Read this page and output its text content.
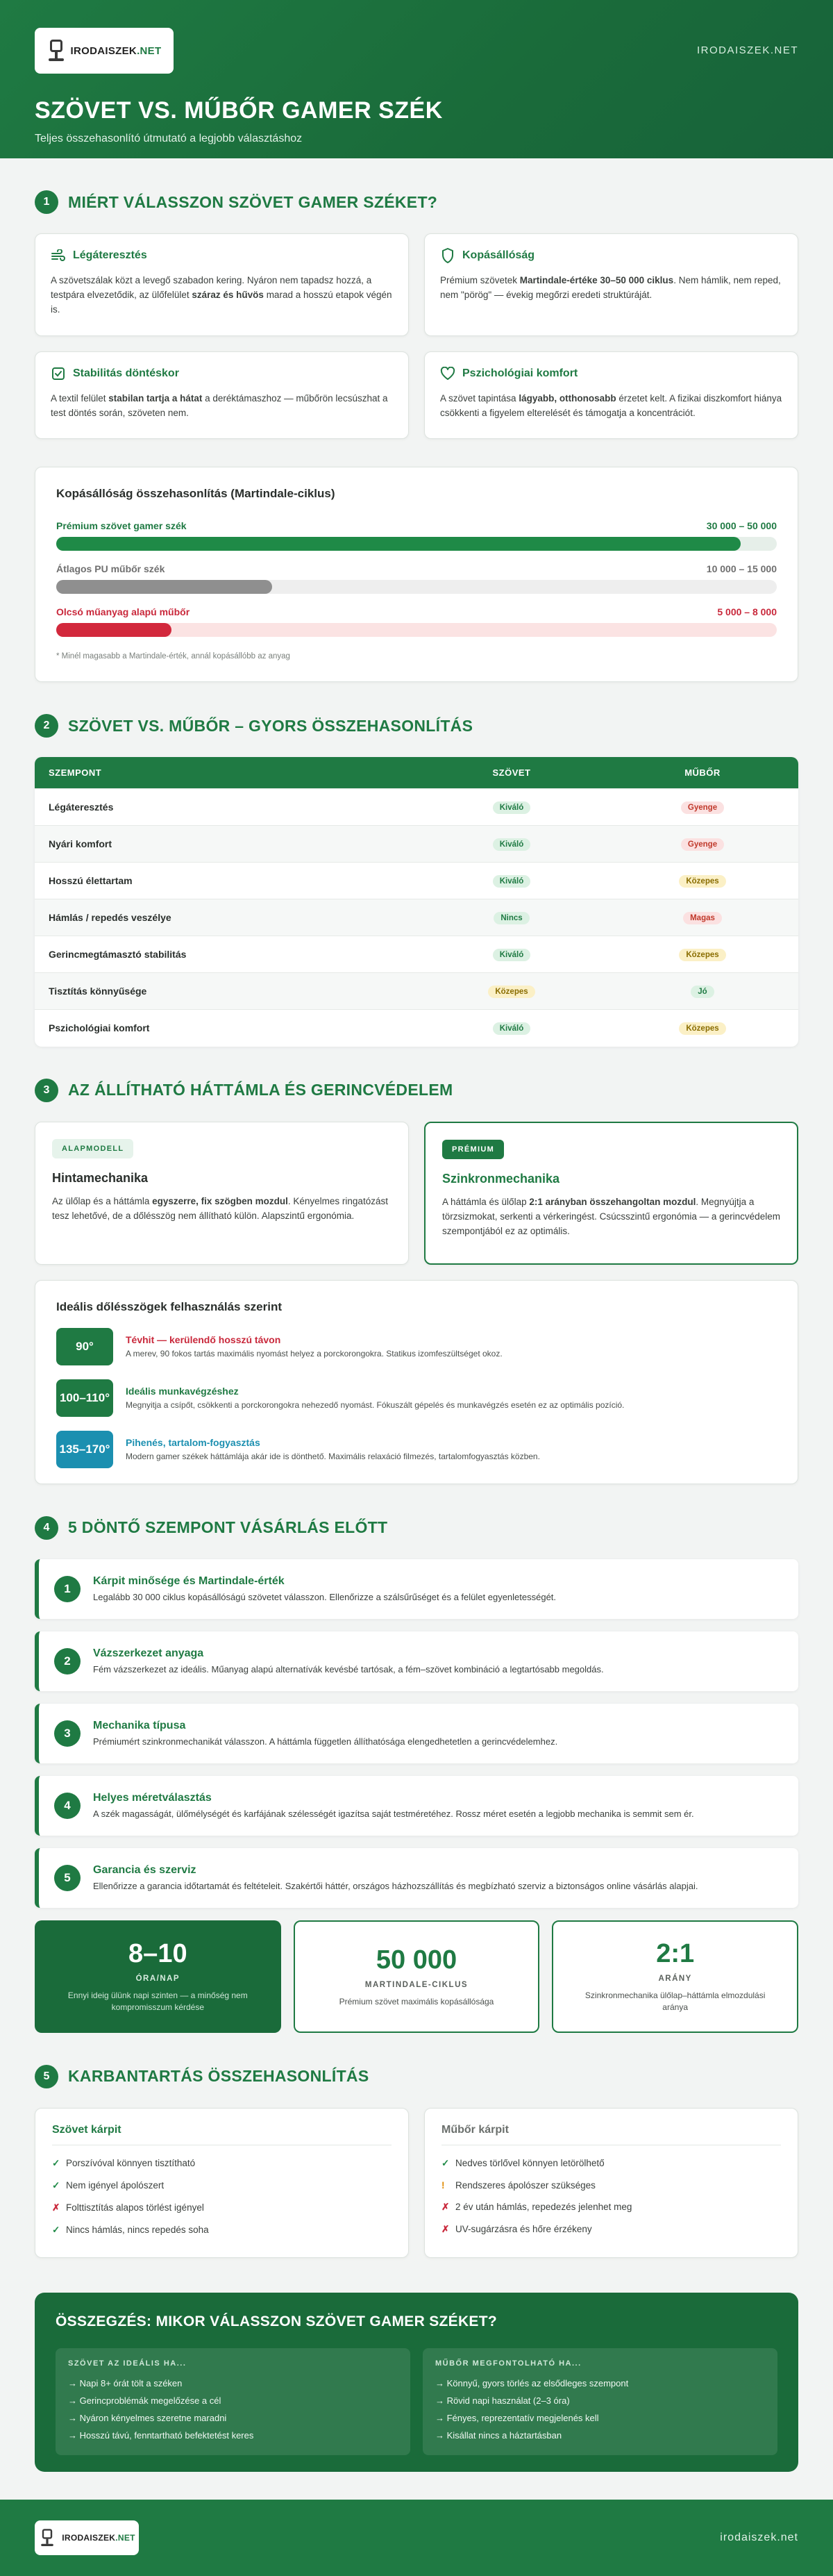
IRODAISZEK.NET	IRODAISZEK.NET
SZÖVET VS. MŰBŐR GAMER SZÉK
Teljes összehasonlító útmutató a legjobb választáshoz
1	MIÉRT VÁLASSZON SZÖVET GAMER SZÉKET?
Légáteresztés
A szövetszálak közt a levegő szabadon kering. Nyáron nem tapadsz hozzá, a testpára elvezetődik, az ülőfelület száraz és hűvös marad a hosszú etapok végén is.
Kopásállóság
Prémium szövetek Martindale-értéke 30–50 000 ciklus. Nem hámlik, nem reped, nem "pörög" — évekig megőrzi eredeti struktúráját.
Stabilitás döntéskor
A textil felület stabilan tartja a hátat a deréktámaszhoz — műbőrön lecsúszhat a test döntés során, szöveten nem.
Pszichológiai komfort
A szövet tapintása lágyabb, otthonosabb érzetet kelt. A fizikai diszkomfort hiánya csökkenti a figyelem elterelését és támogatja a koncentrációt.
Kopásállóság összehasonlítás (Martindale-ciklus)
Prémium szövet gamer szék	30 000 – 50 000
Átlagos PU műbőr szék	10 000 – 15 000
Olcsó műanyag alapú műbőr	5 000 – 8 000
* Minél magasabb a Martindale-érték, annál kopásállóbb az anyag
2	SZÖVET VS. MŰBŐR – GYORS ÖSSZEHASONLÍTÁS
SZEMPONT	SZÖVET	MŰBŐR
Légáteresztés	Kiváló	Gyenge
Nyári komfort	Kiváló	Gyenge
Hosszú élettartam	Kiváló	Közepes
Hámlás / repedés veszélye	Nincs	Magas
Gerincmegtámasztó stabilitás	Kiváló	Közepes
Tisztítás könnyűsége	Közepes	Jó
Pszichológiai komfort	Kiváló	Közepes
3	AZ ÁLLÍTHATÓ HÁTTÁMLA ÉS GERINCVÉDELEM
ALAPMODELL
Hintamechanika
Az ülőlap és a háttámla egyszerre, fix szögben mozdul. Kényelmes ringatózást tesz lehetővé, de a dőlésszög nem állítható külön. Alapszintű ergonómia.
PRÉMIUM
Szinkronmechanika
A háttámla és ülőlap 2:1 arányban összehangoltan mozdul. Megnyújtja a törzsizmokat, serkenti a vérkeringést. Csúcsszintű ergonómia — a gerincvédelem szempontjából ez az optimális.
Ideális dőlésszögek felhasználás szerint
90°	Tévhit — kerülendő hosszú távon
A merev, 90 fokos tartás maximális nyomást helyez a porckorongokra. Statikus izomfeszültséget okoz.
100–110°	Ideális munkavégzéshez
Megnyitja a csípőt, csökkenti a porckorongokra nehezedő nyomást. Fókuszált gépelés és munkavégzés esetén ez az optimális pozíció.
135–170°	Pihenés, tartalom-fogyasztás
Modern gamer székek háttámlája akár ide is dönthető. Maximális relaxáció filmezés, tartalomfogyasztás közben.
4	5 DÖNTŐ SZEMPONT VÁSÁRLÁS ELŐTT
1
Kárpit minősége és Martindale-érték
Legalább 30 000 ciklus kopásállóságú szövetet válasszon. Ellenőrizze a szálsűrűséget és a felület egyenletességét.
2
Vázszerkezet anyaga
Fém vázszerkezet az ideális. Műanyag alapú alternatívák kevésbé tartósak, a fém–szövet kombináció a legtartósabb megoldás.
3
Mechanika típusa
Prémiumért szinkronmechanikát válasszon. A háttámla független állíthatósága elengedhetetlen a gerincvédelemhez.
4
Helyes méretválasztás
A szék magasságát, ülőmélységét és karfájának szélességét igazítsa saját testméretéhez. Rossz méret esetén a legjobb mechanika is semmit sem ér.
5
Garancia és szerviz
Ellenőrizze a garancia időtartamát és feltételeit. Szakértői háttér, országos házhozszállítás és megbízható szerviz a biztonságos online vásárlás alapjai.
8–10
ÓRA/NAP
Ennyi ideig ülünk napi szinten — a minőség nem kompromisszum kérdése
50 000
MARTINDALE-CIKLUS
Prémium szövet maximális kopásállósága
2:1
ARÁNY
Szinkronmechanika ülőlap–háttámla elmozdulási aránya
5	KARBANTARTÁS ÖSSZEHASONLÍTÁS
Szövet kárpit
✓ Porszívóval könnyen tisztítható
✓ Nem igényel ápolószert
✗ Folttisztítás alapos törlést igényel
✓ Nincs hámlás, nincs repedés soha
Műbőr kárpit
✓ Nedves törlővel könnyen letörölhető
!	Rendszeres ápolószer szükséges
✗ 2 év után hámlás, repedezés jelenhet meg
✗ UV-sugárzásra és hőre érzékeny
ÖSSZEGZÉS: MIKOR VÁLASSZON SZÖVET GAMER SZÉKET?
SZÖVET AZ IDEÁLIS HA...
→ Napi 8+ órát tölt a széken
→ Gerincproblémák megelőzése a cél
→ Nyáron kényelmes szeretne maradni
→ Hosszú távú, fenntartható befektetést keres
MŰBŐR MEGFONTOLHATÓ HA...
→ Könnyű, gyors törlés az elsődleges szempont
→ Rövid napi használat (2–3 óra)
→ Fényes, reprezentatív megjelenés kell
→ Kisállat nincs a háztartásban
IRODAISZEK.NET	irodaiszek.net
